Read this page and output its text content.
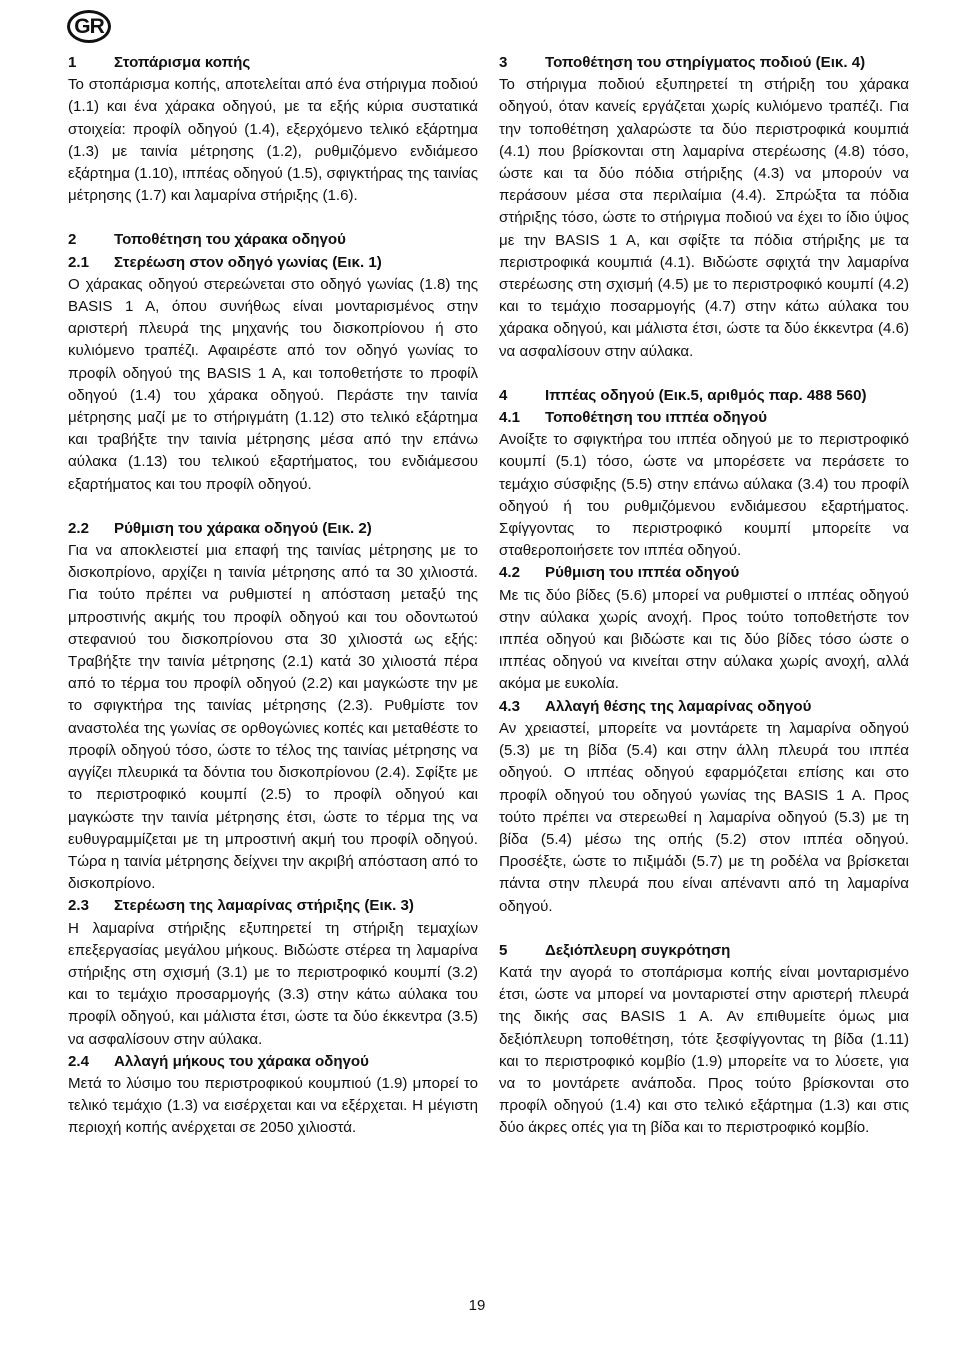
GR
1	Στοπάρισμα κοπής

Το στοπάρισμα κοπής, αποτελείται από ένα στήριγμα ποδιού (1.1) και ένα χάρακα οδηγού, με τα εξής κύρια συστατικά στοιχεία: προφίλ οδηγού (1.4), εξερχόμενο τελικό εξάρτημα (1.3) με ταινία μέτρησης (1.2), ρυθμιζόμενο ενδιάμεσο εξάρτημα (1.10), ιππέας οδηγού (1.5), σφιγκτήρας της ταινίας μέτρησης (1.7) και λαμαρίνα στήριξης (1.6).

2	Τοποθέτηση του χάρακα οδηγού
2.1	Στερέωση στον οδηγό γωνίας (Εικ. 1)

Ο χάρακας οδηγού στερεώνεται στο οδηγό γωνίας (1.8) της BASIS 1 A, όπου συνήθως είναι μονταρισμένος στην αριστερή πλευρά της μηχανής του δισκοπρίονου ή στο κυλιόμενο τραπέζι. Αφαιρέστε από τον οδηγό γωνίας το προφίλ οδηγού της BASIS 1 A, και τοποθετήστε το προφίλ οδηγού (1.4) του χάρακα οδηγού. Περάστε την ταινία μέτρησης μαζί με το στήριγμάτη (1.12) στο τελικό εξάρτημα και τραβήξτε την ταινία μέτρησης μέσα από την επάνω αύλακα (1.13) του τελικού εξαρτήματος, του ενδιάμεσου εξαρτήματος και του προφίλ οδηγού.

2.2	Ρύθμιση του χάρακα οδηγού (Εικ. 2)

Για να αποκλειστεί μια επαφή της ταινίας μέτρησης με το δισκοπρίονο, αρχίζει η ταινία μέτρησης από τα 30 χιλιοστά. Για τούτο πρέπει να ρυθμιστεί η απόσταση μεταξύ της μπροστινής ακμής του προφίλ οδηγού και του οδοντωτού στεφανιού του δισκοπρίονου στα 30 χιλιοστά ως εξής: Τραβήξτε την ταινία μέτρησης (2.1) κατά 30 χιλιοστά πέρα από το τέρμα του προφίλ οδηγού (2.2) και μαγκώστε την με το σφιγκτήρα της ταινίας μέτρησης (2.3). Ρυθμίστε τον αναστολέα της γωνίας σε ορθογώνιες κοπές και μεταθέστε το προφίλ οδηγού τόσο, ώστε το τέλος της ταινίας μέτρησης να αγγίζει πλευρικά τα δόντια του δισκοπρίονου (2.4). Σφίξτε με το περιστροφικό κουμπί (2.5) το προφίλ οδηγού και μαγκώστε την ταινία μέτρησης έτσι, ώστε το τέρμα της να ευθυγραμμίζεται με τη μπροστινή ακμή του προφίλ οδηγού. Τώρα η ταινία μέτρησης δείχνει την ακριβή απόσταση από το δισκοπρίονο.

2.3	Στερέωση της λαμαρίνας στήριξης (Εικ. 3)

Η λαμαρίνα στήριξης εξυπηρετεί τη στήριξη τεμαχίων επεξεργασίας μεγάλου μήκους. Βιδώστε στέρεα τη λαμαρίνα στήριξης στη σχισμή (3.1) με το περιστροφικό κουμπί (3.2) και το τεμάχιο προσαρμογής (3.3) στην κάτω αύλακα του προφίλ οδηγού, και μάλιστα έτσι, ώστε τα δύο έκκεντρα (3.5) να ασφαλίσουν στην αύλακα.

2.4	Αλλαγή μήκους του χάρακα οδηγού

Μετά το λύσιμο του περιστροφικού κουμπιού (1.9) μπορεί το τελικό τεμάχιο (1.3) να εισέρχεται και να εξέρχεται. Η μέγιστη περιοχή κοπής ανέρχεται σε 2050 χιλιοστά.

3	Τοποθέτηση του στηρίγματος ποδιού (Εικ. 4)

Το στήριγμα ποδιού εξυπηρετεί τη στήριξη του χάρακα οδηγού, όταν κανείς εργάζεται χωρίς κυλιόμενο τραπέζι. Για την τοποθέτηση χαλαρώστε τα δύο περιστροφικά κουμπιά (4.1) που βρίσκονται στη λαμαρίνα στερέωσης (4.8) τόσο, ώστε και τα δύο πόδια στήριξης (4.3) να μπορούν να περάσουν μέσα στα περιλαίμια (4.4). Σπρώξτα τα πόδια στήριξης τόσο, ώστε το στήριγμα ποδιού να έχει το ίδιο ύψος με την BASIS 1 A, και σφίξτε τα πόδια στήριξης με τα περιστροφικά κουμπιά (4.1). Βιδώστε σφιχτά την λαμαρίνα στερέωσης στη σχισμή (4.5) με το περιστροφικό κουμπί (4.2) και το τεμάχιο ποσαρμογής (4.7) στην κάτω αύλακα του χάρακα οδηγού, και μάλιστα έτσι, ώστε τα δύο έκκεντρα (4.6) να ασφαλίσουν στην αύλακα.

4	Ιππέας οδηγού (Εικ.5, αριθμός παρ. 488 560)
4.1	Τοποθέτηση του ιππέα οδηγού

Ανοίξτε το σφιγκτήρα του ιππέα οδηγού με το περιστροφικό κουμπί (5.1) τόσο, ώστε να μπορέσετε να περάσετε το τεμάχιο σύσφιξης (5.5) στην επάνω αύλακα (3.4) του προφίλ οδηγού ή του ρυθμιζόμενου ενδιάμεσου εξαρτήματος. Σφίγγοντας το περιστροφικό κουμπί μπορείτε να σταθεροποιήσετε τον ιππέα οδηγού.

4.2	Ρύθμιση του ιππέα οδηγού

Με τις δύο βίδες (5.6) μπορεί να ρυθμιστεί ο ιππέας οδηγού στην αύλακα χωρίς ανοχή. Προς τούτο τοποθετήστε τον ιππέα οδηγού και βιδώστε και τις δύο βίδες τόσο ώστε ο ιππέας οδηγού να κινείται στην αύλακα χωρίς ανοχή, αλλά ακόμα με ευκολία.

4.3	Αλλαγή θέσης της λαμαρίνας οδηγού

Αν χρειαστεί, μπορείτε να μοντάρετε τη λαμαρίνα οδηγού (5.3) με τη βίδα (5.4) και στην άλλη πλευρά του ιππέα οδηγού. Ο ιππέας οδηγού εφαρμόζεται επίσης και στο προφίλ οδηγού του οδηγού γωνίας της BASIS 1 A. Προς τούτο πρέπει να στερεωθεί η λαμαρίνα οδηγού (5.3) με τη βίδα (5.4) μέσω της οπής (5.2) στον ιππέα οδηγού. Προσέξτε, ώστε το πιξιμάδι (5.7) με τη ροδέλα να βρίσκεται πάντα στην πλευρά που είναι απέναντι από τη λαμαρίνα οδηγού.

5	Δεξιόπλευρη συγκρότηση

Κατά την αγορά το στοπάρισμα κοπής είναι μονταρισμένο έτσι, ώστε να μπορεί να μονταριστεί στην αριστερή πλευρά της δικής σας BASIS 1 A. Αν επιθυμείτε όμως μια δεξιόπλευρη τοποθέτηση, τότε ξεσφίγγοντας τη βίδα (1.11) και το περιστροφικό κομβίο (1.9) μπορείτε να το λύσετε, για να το μοντάρετε ανάποδα. Προς τούτο βρίσκονται στο προφίλ οδηγού (1.4) και στο τελικό εξάρτημα (1.3) και στις δύο άκρες οπές για τη βίδα και το περιστροφικό κομβίο.

19
